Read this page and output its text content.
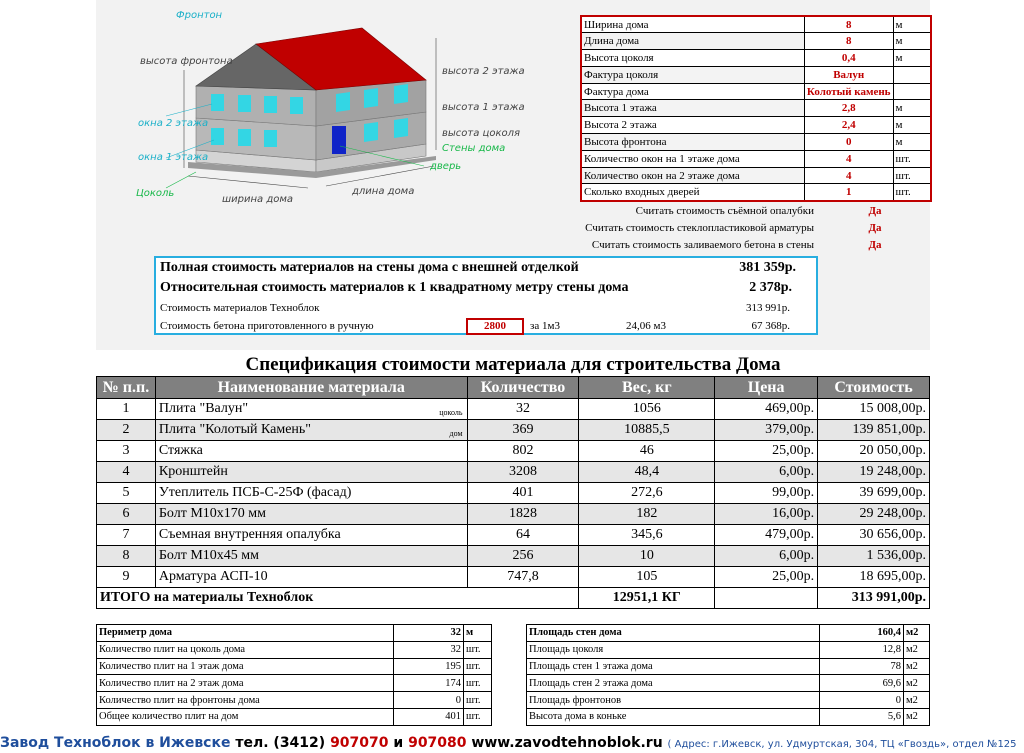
Фронтон
высота фронтона
окна 2 этажа
окна 1 этажа
Цоколь
высота 2 этажа
высота 1 этажа
высота цоколя
Стены дома
дверь
длина дома
ширина дома
Ширина дома	8	м
Длина дома	8	м
Высота цоколя	0,4	м
Фактура цоколя	Валун	
Фактура дома	Колотый камень	
Высота 1 этажа	2,8	м
Высота 2 этажа	2,4	м
Высота фронтона	0	м
Количество окон на 1 этаже дома	4	шт.
Количество окон на 2 этаже дома	4	шт.
Сколько входных дверей	1	шт.
Считать стоимость съёмной опалубки	Да
Считать стоимость стеклопластиковой арматуры	Да
Считать стоимость заливаемого бетона в стены	Да
Полная стоимость материалов на стены дома с внешней отделкой	381 359р.
Относительная стоимость материалов к 1 квадратному метру стены дома	2 378р.
Стоимость материалов Техноблок	313 991р.
Стоимость бетона приготовленного в ручную	2800	за 1м3	24,06 м3	67 368р.
Спецификация стоимости материала для строительства Дома
№ п.п.	Наименование материала	Количество	Вес, кг	Цена	Стоимость
1	Плита "Валун" цоколь	32	1056	469,00р.	15 008,00р.
2	Плита "Колотый Камень" дом	369	10885,5	379,00р.	139 851,00р.
3	Стяжка	802	46	25,00р.	20 050,00р.
4	Кронштейн	3208	48,4	6,00р.	19 248,00р.
5	Утеплитель ПСБ-С-25Ф (фасад)	401	272,6	99,00р.	39 699,00р.
6	Болт М10х170 мм	1828	182	16,00р.	29 248,00р.
7	Съемная внутренняя опалубка	64	345,6	479,00р.	30 656,00р.
8	Болт М10х45 мм	256	10	6,00р.	1 536,00р.
9	Арматура АСП-10	747,8	105	25,00р.	18 695,00р.
ИТОГО на материалы Техноблок			12951,1 КГ		313 991,00р.
Периметр дома	32	м
Количество плит на цоколь дома	32	шт.
Количество плит на 1 этаж дома	195	шт.
Количество плит на 2 этаж дома	174	шт.
Количество плит на фронтоны дома	0	шт.
Общее количество плит на дом	401	шт.
Площадь стен дома	160,4	м2
Площадь цоколя	12,8	м2
Площадь стен 1 этажа дома	78	м2
Площадь стен 2 этажа дома	69,6	м2
Площадь фронтонов	0	м2
Высота дома в коньке	5,6	м2
Завод Техноблок в Ижевске тел. (3412) 907070 и 907080 www.zavodtehnoblok.ru ( Адрес: г.Ижевск, ул. Удмуртская, 304, ТЦ «Гвоздь», отдел №125
